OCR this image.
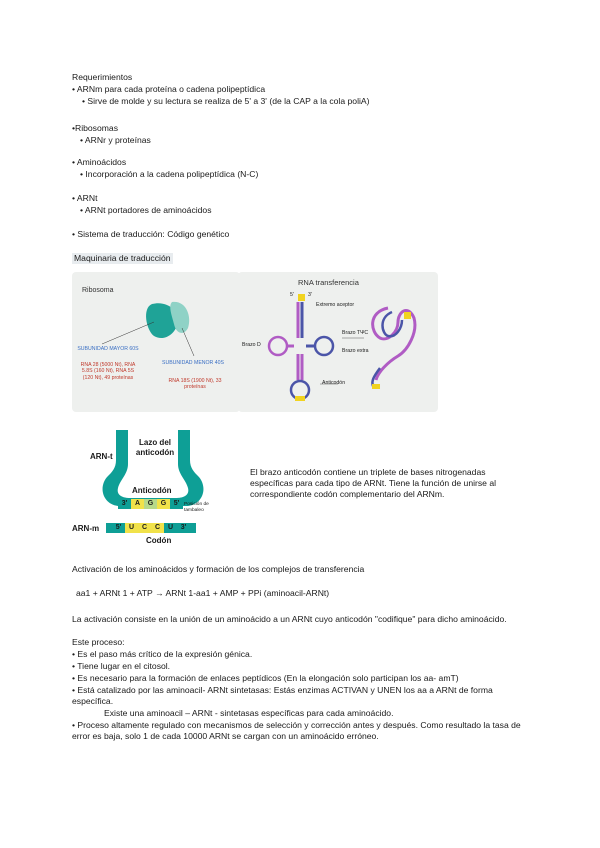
Requerimientos
• ARNm para cada proteína o cadena polipeptídica
• Sirve de molde y su lectura se realiza de 5' a 3' (de la CAP a la cola poliA)
•Ribosomas
• ARNr y proteínas
• Aminoácidos
• Incorporación a la cadena polipeptídica (N-C)
• ARNt
• ARNt portadores de aminoácidos
• Sistema de traducción: Código genético
Maquinaria de traducción
Ribosoma
SUBUNIDAD MAYOR 60S
RNA 28 (5000 Nt), RNA 5.8S (160 Nt), RNA 5S (120 Nt), 49 proteínas
SUBUNIDAD MENOR 40S
RNA 18S (1900 Nt), 33 proteínas
RNA transferencia
Extremo aceptor
Brazo D
Brazo TΨC
Brazo extra
Anticodón
5'	3'
ARN-t
Lazo del anticodón
Anticodón
3'	A	G	G	5' Posición de tambaleo
ARN-m	5'	U	C	C	U	3'
Codón
El brazo anticodón contiene un triplete de bases nitrogenadas específicas para cada tipo de ARNt. Tiene la función de unirse al correspondiente codón complementario del ARNm.
Activación de los aminoácidos y formación de los complejos de transferencia
aa1 + ARNt 1 + ATP → ARNt 1-aa1 + AMP + PPi (aminoacil-ARNt)
La activación consiste en la unión de un aminoácido a un ARNt cuyo anticodón "codifique" para dicho aminoácido.
Este proceso:
• Es el paso más crítico de la expresión génica.
• Tiene lugar en el citosol.
• Es necesario para la formación de enlaces peptídicos (En la elongación solo participan los aa- amT)
• Está catalizado por las aminoacil- ARNt sintetasas: Estás enzimas ACTIVAN y UNEN los aa a ARNt de forma específica.
Existe una aminoacil – ARNt - sintetasas específicas para cada aminoácido.
• Proceso altamente regulado con mecanismos de selección y corrección antes y después. Como resultado la tasa de error es baja, solo 1 de cada 10000 ARNt se cargan con un aminoácido erróneo.
